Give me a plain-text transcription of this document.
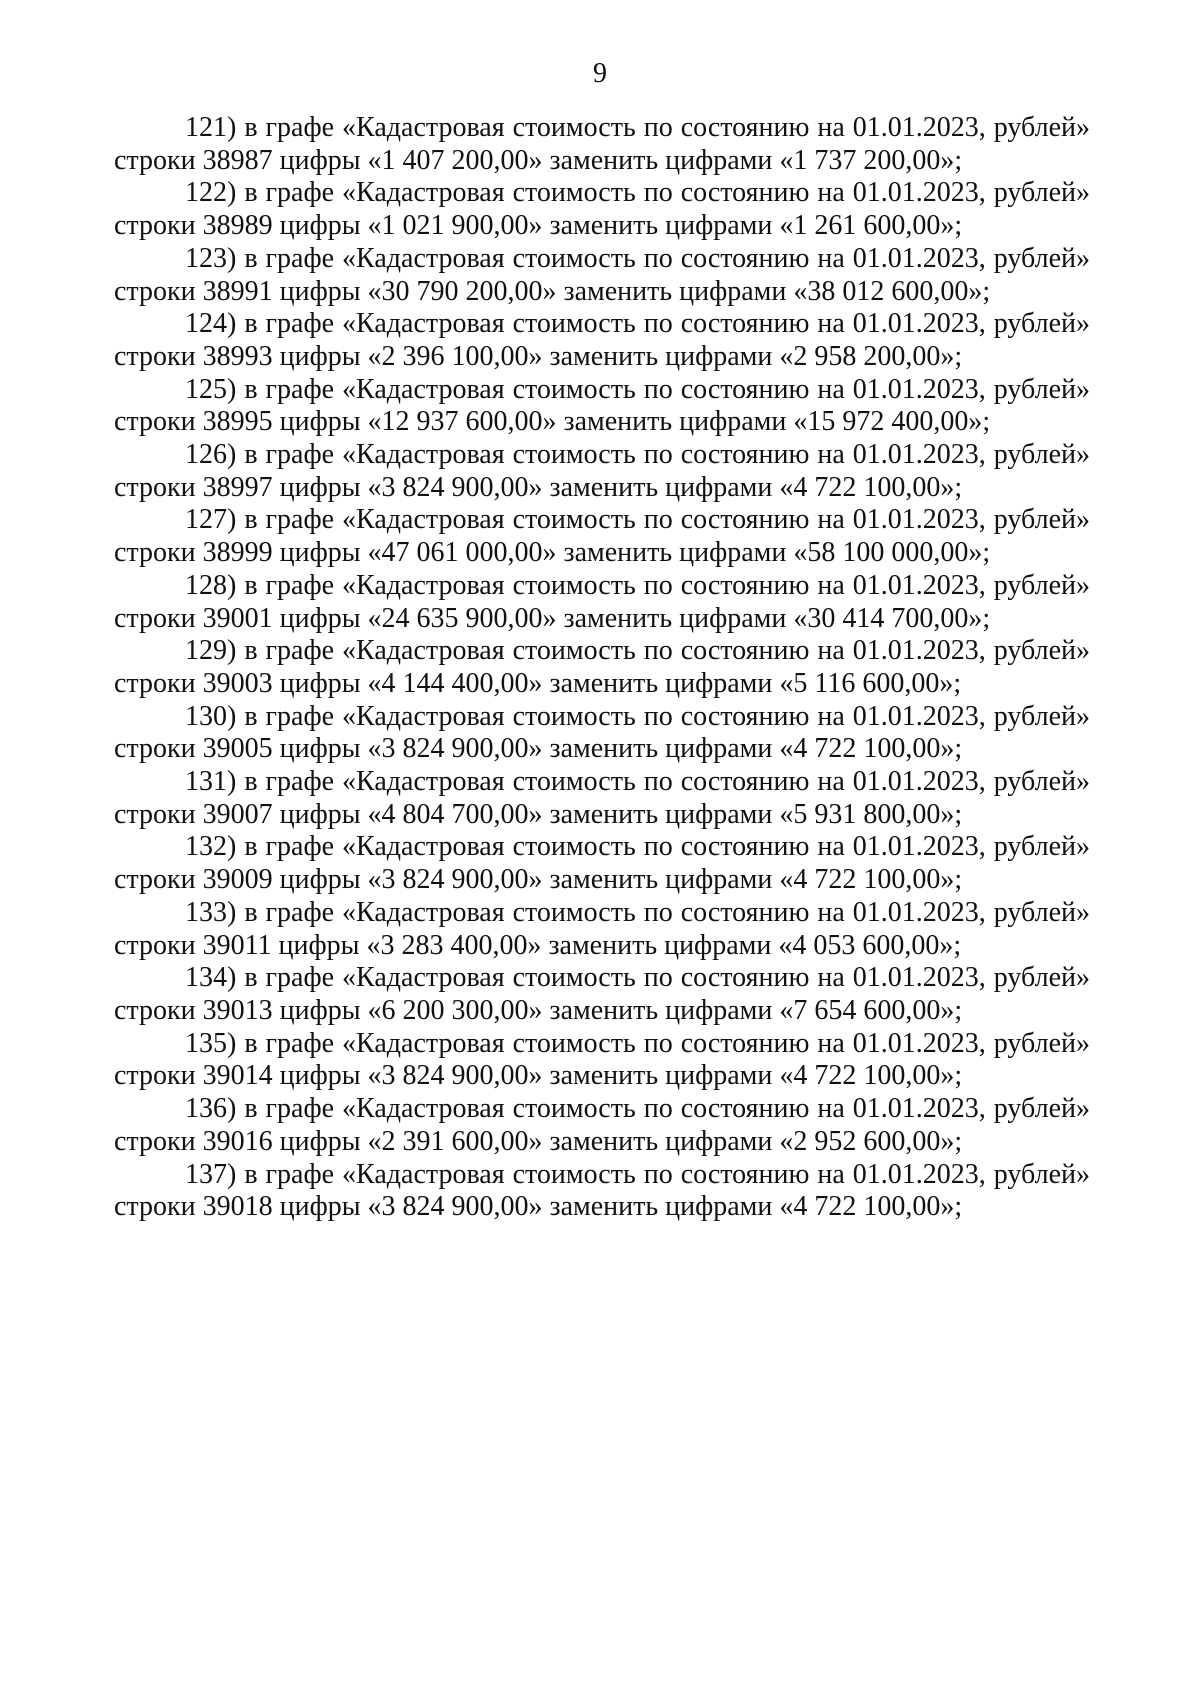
9

121) в графе «Кадастровая стоимость по состоянию на 01.01.2023, рублей» строки 38987 цифры «1 407 200,00» заменить цифрами «1 737 200,00»;

122) в графе «Кадастровая стоимость по состоянию на 01.01.2023, рублей» строки 38989 цифры «1 021 900,00» заменить цифрами «1 261 600,00»;

123) в графе «Кадастровая стоимость по состоянию на 01.01.2023, рублей» строки 38991 цифры «30 790 200,00» заменить цифрами «38 012 600,00»;

124) в графе «Кадастровая стоимость по состоянию на 01.01.2023, рублей» строки 38993 цифры «2 396 100,00» заменить цифрами «2 958 200,00»;

125) в графе «Кадастровая стоимость по состоянию на 01.01.2023, рублей» строки 38995 цифры «12 937 600,00» заменить цифрами «15 972 400,00»;

126) в графе «Кадастровая стоимость по состоянию на 01.01.2023, рублей» строки 38997 цифры «3 824 900,00» заменить цифрами «4 722 100,00»;

127) в графе «Кадастровая стоимость по состоянию на 01.01.2023, рублей» строки 38999 цифры «47 061 000,00» заменить цифрами «58 100 000,00»;

128) в графе «Кадастровая стоимость по состоянию на 01.01.2023, рублей» строки 39001 цифры «24 635 900,00» заменить цифрами «30 414 700,00»;

129) в графе «Кадастровая стоимость по состоянию на 01.01.2023, рублей» строки 39003 цифры «4 144 400,00» заменить цифрами «5 116 600,00»;

130) в графе «Кадастровая стоимость по состоянию на 01.01.2023, рублей» строки 39005 цифры «3 824 900,00» заменить цифрами «4 722 100,00»;

131) в графе «Кадастровая стоимость по состоянию на 01.01.2023, рублей» строки 39007 цифры «4 804 700,00» заменить цифрами «5 931 800,00»;

132) в графе «Кадастровая стоимость по состоянию на 01.01.2023, рублей» строки 39009 цифры «3 824 900,00» заменить цифрами «4 722 100,00»;

133) в графе «Кадастровая стоимость по состоянию на 01.01.2023, рублей» строки 39011 цифры «3 283 400,00» заменить цифрами «4 053 600,00»;

134) в графе «Кадастровая стоимость по состоянию на 01.01.2023, рублей» строки 39013 цифры «6 200 300,00» заменить цифрами «7 654 600,00»;

135) в графе «Кадастровая стоимость по состоянию на 01.01.2023, рублей» строки 39014 цифры «3 824 900,00» заменить цифрами «4 722 100,00»;

136) в графе «Кадастровая стоимость по состоянию на 01.01.2023, рублей» строки 39016 цифры «2 391 600,00» заменить цифрами «2 952 600,00»;

137) в графе «Кадастровая стоимость по состоянию на 01.01.2023, рублей» строки 39018 цифры «3 824 900,00» заменить цифрами «4 722 100,00»;
